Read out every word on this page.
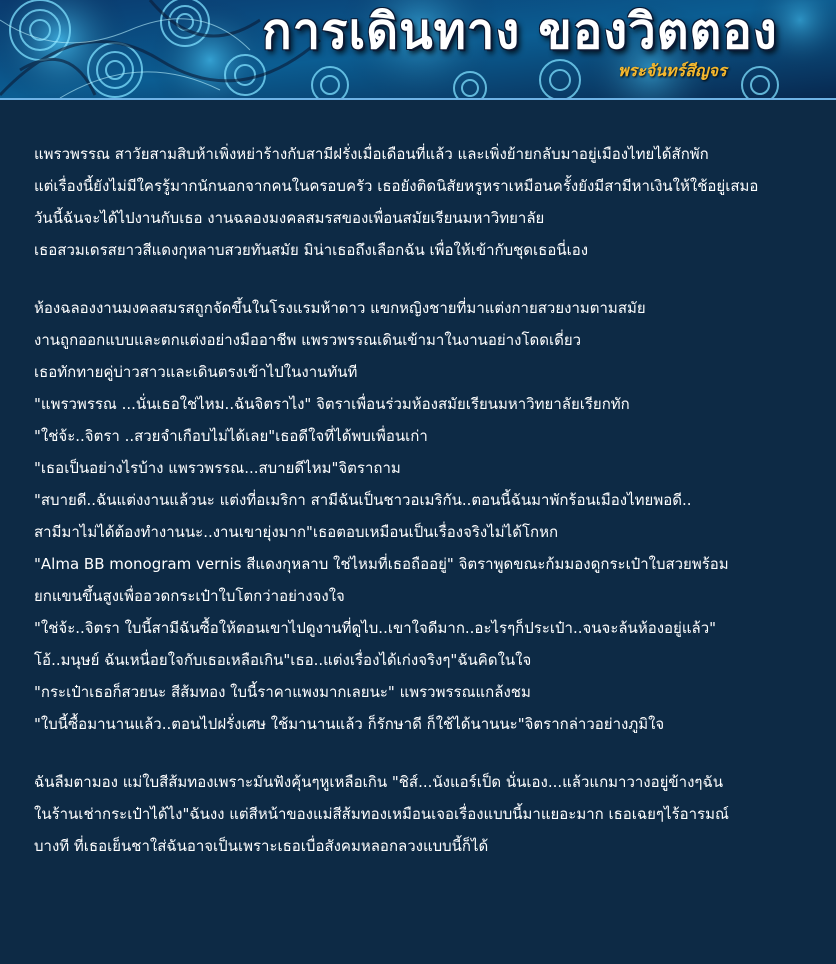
การเดินทาง ของวิตตอง
พระจันทร์สีญจร
แพรวพรรณ สาวัยสามสิบห้าเพิ่งหย่าร้างกับสามีฝรั่งเมื่อเดือนที่แล้ว และเพิ่งย้ายกลับมาอยู่เมืองไทยได้สักพัก
แต่เรื่องนี้ยังไม่มีใครรู้มากนักนอกจากคนในครอบครัว เธอยังติดนิสัยหรูหราเหมือนครั้งยังมีสามีหาเงินให้ใช้อยู่เสมอ
วันนี้ฉันจะได้ไปงานกับเธอ งานฉลองมงคลสมรสของเพื่อนสมัยเรียนมหาวิทยาลัย
เธอสวมเดรสยาวสีแดงกุหลาบสวยทันสมัย มิน่าเธอถึงเลือกฉัน เพื่อให้เข้ากับชุดเธอนี่เอง
ห้องฉลองงานมงคลสมรสถูกจัดขึ้นในโรงแรมห้าดาว แขกหญิงชายที่มาแต่งกายสวยงามตามสมัย
งานถูกออกแบบและตกแต่งอย่างมืออาชีพ แพรวพรรณเดินเข้ามาในงานอย่างโดดเดี่ยว
เธอทักทายคู่บ่าวสาวและเดินตรงเข้าไปในงานทันที
"แพรวพรรณ ...นั่นเธอใช่ไหม..ฉันจิตราไง" จิตราเพื่อนร่วมห้องสมัยเรียนมหาวิทยาลัยเรียกทัก
"ใช่จ้ะ..จิตรา ..สวยจำเกือบไม่ได้เลย"เธอดีใจที่ได้พบเพื่อนเก่า
"เธอเป็นอย่างไรบ้าง แพรวพรรณ...สบายดีไหม"จิตราถาม
"สบายดี..ฉันแต่งงานแล้วนะ แต่งที่อเมริกา สามีฉันเป็นชาวอเมริกัน..ตอนนี้ฉันมาพักร้อนเมืองไทยพอดี..
สามีมาไม่ได้ต้องทำงานนะ..งานเขายุ่งมาก"เธอตอบเหมือนเป็นเรื่องจริงไม่ได้โกหก
"Alma BB monogram vernis สีแดงกุหลาบ ใช่ไหมที่เธอถืออยู่" จิตราพูดขณะก้มมองดูกระเป๋าใบสวยพร้อม
ยกแขนขึ้นสูงเพื่ออวดกระเป๋าใบโตกว่าอย่างจงใจ
"ใช่จ้ะ..จิตรา ใบนี้สามีฉันซื้อให้ตอนเขาไปดูงานที่ดูไบ..เขาใจดีมาก..อะไรๆก็ประเป๋า..จนจะล้นห้องอยู่แล้ว"
โอ้..มนุษย์ ฉันเหนื่อยใจกับเธอเหลือเกิน"เธอ..แต่งเรื่องได้เก่งจริงๆ"ฉันคิดในใจ
"กระเป๋าเธอก็สวยนะ สีส้มทอง ใบนี้ราคาแพงมากเลยนะ" แพรวพรรณแกล้งชม
"ใบนี้ซื้อมานานแล้ว..ตอนไปฝรั่งเศษ ใช้มานานแล้ว ก็รักษาดี ก็ใช้ได้นานนะ"จิตรากล่าวอย่างภูมิใจ
ฉันลืมตามอง แม่ใบสีส้มทองเพราะมันฟังคุ้นๆหูเหลือเกิน "ชิส์...นังแอร์เป็ด นั่นเอง...แล้วแกมาวางอยู่ข้างๆฉัน
ในร้านเช่ากระเป๋าได้ไง"ฉันงง แต่สีหน้าของแม่สีส้มทองเหมือนเจอเรื่องแบบนี้มาแยอะมาก เธอเฉยๆไร้อารมณ์
บางที ที่เธอเย็นชาใส่ฉันอาจเป็นเพราะเธอเบื่อสังคมหลอกลวงแบบนี้ก็ได้
